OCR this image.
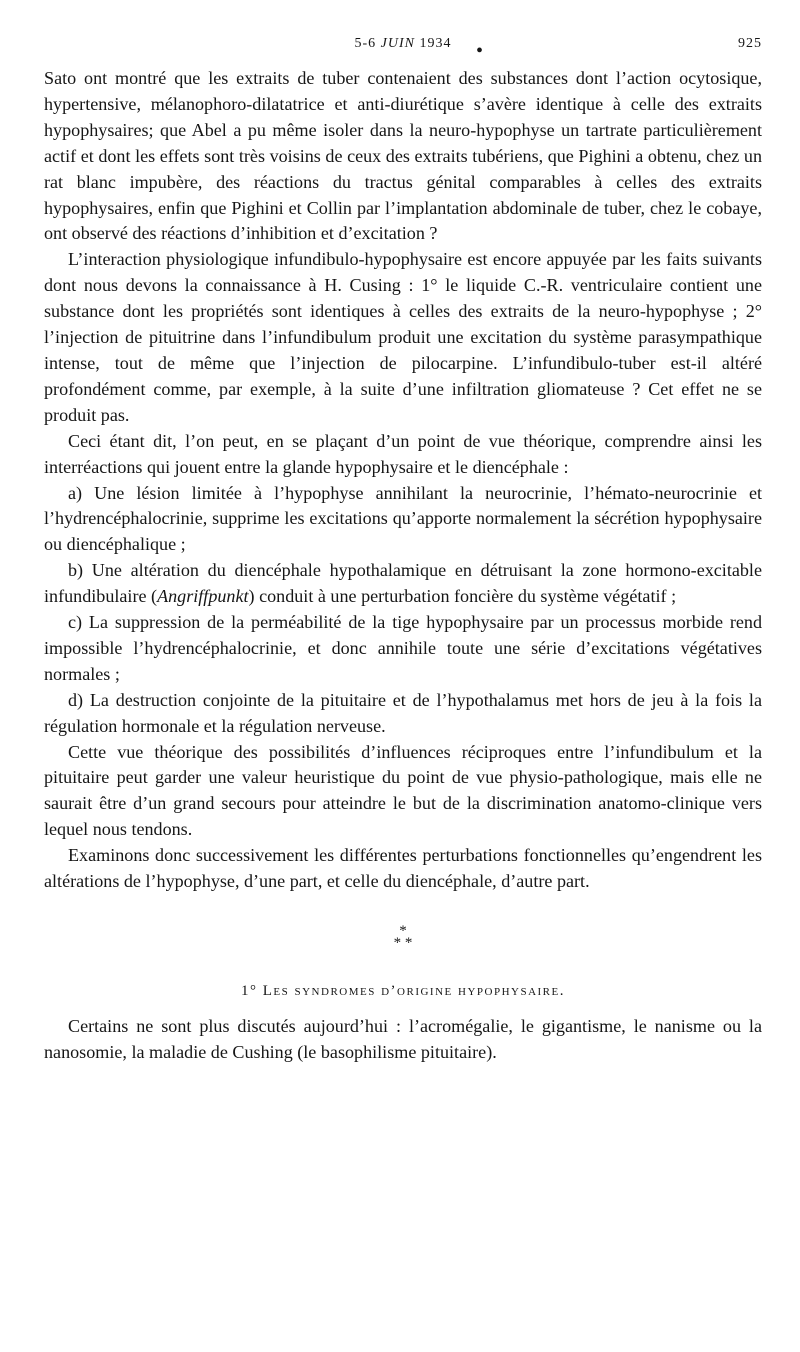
5-6 JUIN 1934	•	925

Sato ont montré que les extraits de tuber contenaient des substances dont l’action ocytosique, hypertensive, mélanophoro-dilatatrice et anti-diurétique s’avère identique à celle des extraits hypophysaires; que Abel a pu même isoler dans la neuro-hypophyse un tartrate particulièrement actif et dont les effets sont très voisins de ceux des extraits tubériens, que Pighini a obtenu, chez un rat blanc impubère, des réactions du tractus génital comparables à celles des extraits hypophysaires, enfin que Pighini et Collin par l’implantation abdominale de tuber, chez le cobaye, ont observé des réactions d’inhibition et d’excitation ?

L’interaction physiologique infundibulo-hypophysaire est encore appuyée par les faits suivants dont nous devons la connaissance à H. Cusing : 1° le liquide C.-R. ventriculaire contient une substance dont les propriétés sont identiques à celles des extraits de la neuro-hypophyse ; 2° l’injection de pituitrine dans l’infundibulum produit une excitation du système parasympathique intense, tout de même que l’injection de pilocarpine. L’infundibulo-tuber est-il altéré profondément comme, par exemple, à la suite d’une infiltration gliomateuse ? Cet effet ne se produit pas.

Ceci étant dit, l’on peut, en se plaçant d’un point de vue théorique, comprendre ainsi les interréactions qui jouent entre la glande hypophysaire et le diencéphale :

a) Une lésion limitée à l’hypophyse annihilant la neurocrinie, l’hémato-neurocrinie et l’hydrencéphalocrinie, supprime les excitations qu’apporte normalement la sécrétion hypophysaire ou diencéphalique ;

b) Une altération du diencéphale hypothalamique en détruisant la zone hormono-excitable infundibulaire (Angriffpunkt) conduit à une perturbation foncière du système végétatif ;

c) La suppression de la perméabilité de la tige hypophysaire par un processus morbide rend impossible l’hydrencéphalocrinie, et donc annihile toute une série d’excitations végétatives normales ;

d) La destruction conjointe de la pituitaire et de l’hypothalamus met hors de jeu à la fois la régulation hormonale et la régulation nerveuse.

Cette vue théorique des possibilités d’influences réciproques entre l’infundibulum et la pituitaire peut garder une valeur heuristique du point de vue physio-pathologique, mais elle ne saurait être d’un grand secours pour atteindre le but de la discrimination anatomo-clinique vers lequel nous tendons.

Examinons donc successivement les différentes perturbations fonctionnelles qu’engendrent les altérations de l’hypophyse, d’une part, et celle du diencéphale, d’autre part.

*
* *
1° Les syndromes d’origine hypophysaire.

Certains ne sont plus discutés aujourd’hui : l’acromégalie, le gigantisme, le nanisme ou la nanosomie, la maladie de Cushing (le basophilisme pituitaire).
